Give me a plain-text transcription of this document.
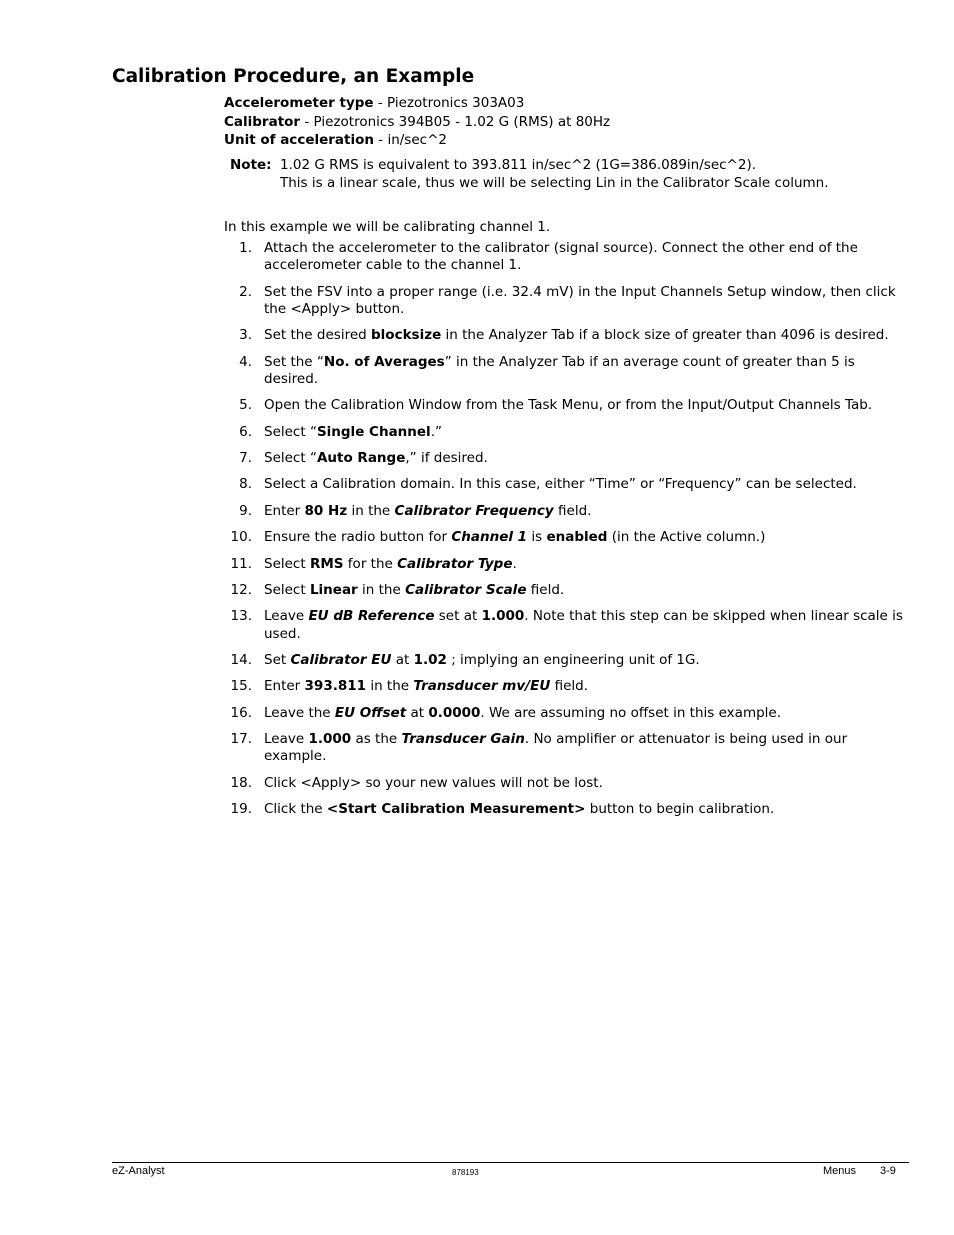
Calibration Procedure, an Example
Accelerometer type - Piezotronics 303A03
Calibrator - Piezotronics 394B05 - 1.02 G (RMS) at 80Hz
Unit of acceleration - in/sec^2
Note: 1.02 G RMS is equivalent to 393.811 in/sec^2 (1G=386.089in/sec^2).
This is a linear scale, thus we will be selecting Lin in the Calibrator Scale column.
In this example we will be calibrating channel 1.
1. Attach the accelerometer to the calibrator (signal source). Connect the other end of the accelerometer cable to the channel 1.
2. Set the FSV into a proper range (i.e. 32.4 mV) in the Input Channels Setup window, then click the <Apply> button.
3. Set the desired blocksize in the Analyzer Tab if a block size of greater than 4096 is desired.
4. Set the “No. of Averages” in the Analyzer Tab if an average count of greater than 5 is desired.
5. Open the Calibration Window from the Task Menu, or from the Input/Output Channels Tab.
6. Select “Single Channel.”
7. Select “Auto Range,” if desired.
8. Select a Calibration domain. In this case, either “Time” or “Frequency” can be selected.
9. Enter 80 Hz in the Calibrator Frequency field.
10. Ensure the radio button for Channel 1 is enabled (in the Active column.)
11. Select RMS for the Calibrator Type.
12. Select Linear in the Calibrator Scale field.
13. Leave EU dB Reference set at 1.000. Note that this step can be skipped when linear scale is used.
14. Set Calibrator EU at 1.02 ; implying an engineering unit of 1G.
15. Enter 393.811 in the Transducer mv/EU field.
16. Leave the EU Offset at 0.0000. We are assuming no offset in this example.
17. Leave 1.000 as the Transducer Gain. No amplifier or attenuator is being used in our example.
18. Click <Apply> so your new values will not be lost.
19. Click the <Start Calibration Measurement> button to begin calibration.
eZ-Analyst	878193	Menus 3-9
